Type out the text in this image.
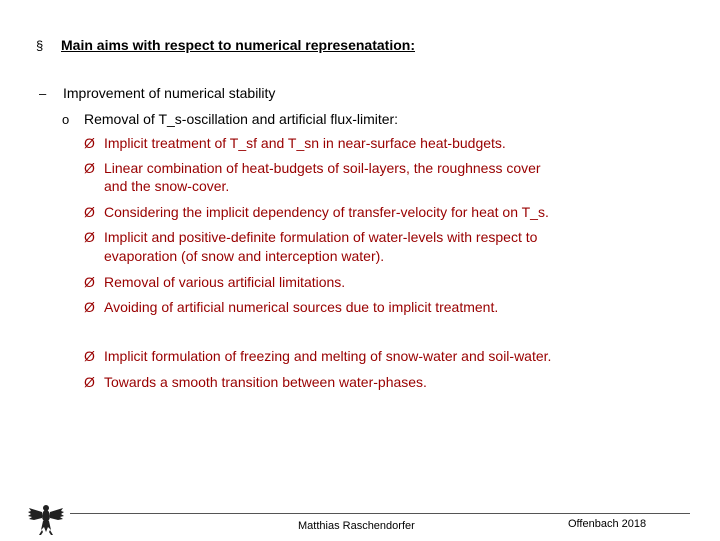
§ Main aims with respect to numerical represenatation:
– Improvement of numerical stability
o Removal of T_s-oscillation and artificial flux-limiter:
Ø Implicit treatment of T_sf and T_sn in near-surface heat-budgets.
Ø Linear combination of heat-budgets of soil-layers, the roughness cover
and the snow-cover.
Ø Considering the implicit dependency of transfer-velocity for heat on T_s.
Ø Implicit and positive-definite formulation of water-levels with respect to
evaporation (of snow and interception water).
Ø Removal of various artificial limitations.
Ø Avoiding of artificial numerical sources due to implicit treatment.
Ø Implicit formulation of freezing and melting of snow-water and soil-water.
Ø Towards a smooth transition between water-phases.
Matthias Raschendorfer	Offenbach 2018
